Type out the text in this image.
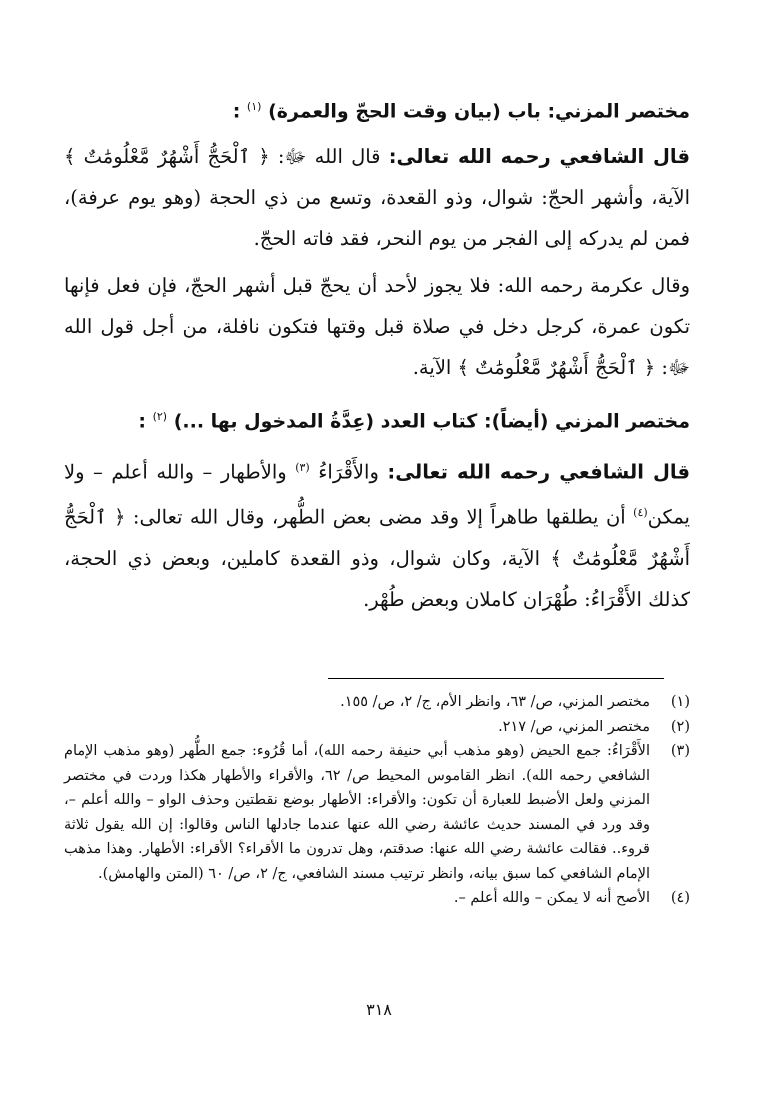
مختصر المزني: باب (بيان وقت الحجّ والعمرة) $^{(١)}$ :

قال الشافعي رحمه الله تعالى: قال الله ﷻ: ﴿ ٱلْحَجُّ أَشْهُرٌ مَّعْلُومَٰتٌ ﴾ الآية، وأشهر الحجّ: شوال، وذو القعدة، وتسع من ذي الحجة (وهو يوم عرفة)، فمن لم يدركه إلى الفجر من يوم النحر، فقد فاته الحجّ.

وقال عكرمة رحمه الله: فلا يجوز لأحد أن يحجّ قبل أشهر الحجّ، فإن فعل فإنها تكون عمرة، كرجل دخل في صلاة قبل وقتها فتكون نافلة، من أجل قول الله ﷻ: ﴿ ٱلْحَجُّ أَشْهُرٌ مَّعْلُومَٰتٌ ﴾ الآية.

مختصر المزني (أيضاً): كتاب العدد (عِدَّةُ المدخول بها ...) $^{(٢)}$ :

قال الشافعي رحمه الله تعالى: والأَقْرَاءُ $^{(٣)}$ والأطهار – والله أعلم – ولا يمكن$^{(٤)}$ أن يطلقها طاهراً إلا وقد مضى بعض الطُّهر، وقال الله تعالى: ﴿ ٱلْحَجُّ أَشْهُرٌ مَّعْلُومَٰتٌ ﴾ الآية، وكان شوال، وذو القعدة كاملين، وبعض ذي الحجة، كذلك الأَقْرَاءُ: طُهْرَان كاملان وبعض طُهْر.

(١)
مختصر المزني، ص/ ٦٣، وانظر الأم، ج/ ٢، ص/ ١٥٥.
(٢)
مختصر المزني، ص/ ٢١٧.
(٣)
الأَقْرَاءُ: جمع الحيض (وهو مذهب أبي حنيفة رحمه الله)، أما قُرُوء: جمع الطُّهر (وهو مذهب الإمام الشافعي رحمه الله). انظر القاموس المحيط ص/ ٦٢، والأقراء والأطهار هكذا وردت في مختصر المزني ولعل الأضبط للعبارة أن تكون: والأقراء: الأطهار بوضع نقطتين وحذف الواو – والله أعلم –، وقد ورد في المسند حديث عائشة رضي الله عنها عندما جادلها الناس وقالوا: إن الله يقول ثلاثة قروء.. فقالت عائشة رضي الله عنها: صدقتم، وهل تدرون ما الأقراء؟ الأقراء: الأطهار. وهذا مذهب الإمام الشافعي كما سبق بيانه، وانظر ترتيب مسند الشافعي، ج/ ٢، ص/ ٦٠ (المتن والهامش).
(٤)
الأصح أنه لا يمكن – والله أعلم –.
٣١٨
